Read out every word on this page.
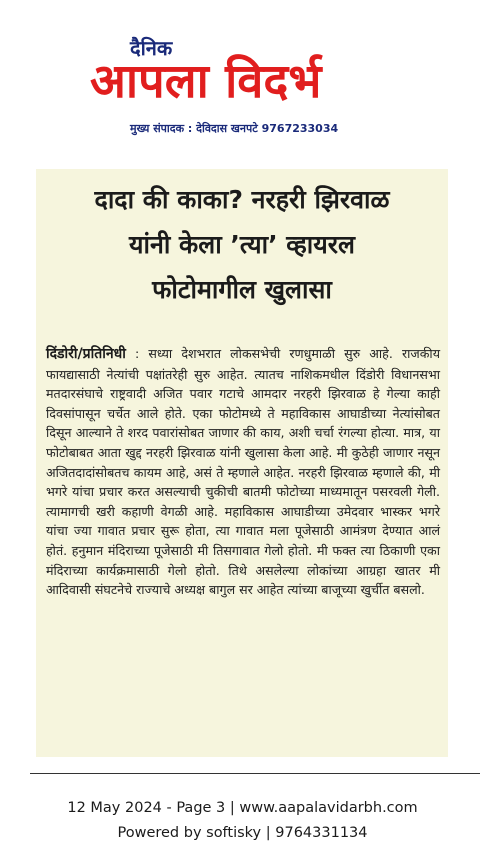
दैनिक
आपला विदर्भ
मुख्य संपादक : देविदास खनपटे 9767233034
दादा की काका? नरहरी झिरवाळ
यांनी केला ’त्या’ व्हायरल
फोटोमागील खुलासा
दिंडोरी/प्रतिनिधी : सध्या देशभरात लोकसभेची रणधुमाळी सुरु आहे. राजकीय फायद्यासाठी नेत्यांची पक्षांतरेही सुरु आहेत. त्यातच नाशिकमधील दिंडोरी विधानसभा मतदारसंघाचे राष्ट्रवादी अजित पवार गटाचे आमदार नरहरी झिरवाळ हे गेल्या काही दिवसांपासून चर्चेत आले होते. एका फोटोमध्ये ते महाविकास आघाडीच्या नेत्यांसोबत दिसून आल्याने ते शरद पवारांसोबत जाणार की काय, अशी चर्चा रंगल्या होत्या. मात्र, या फोटोबाबत आता खुद्द नरहरी झिरवाळ यांनी खुलासा केला आहे. मी कुठेही जाणार नसून अजितदादांसोबतच कायम आहे, असं ते म्हणाले आहेत. नरहरी झिरवाळ म्हणाले की, मी भगरे यांचा प्रचार करत असल्याची चुकीची बातमी फोटोच्या माध्यमातून पसरवली गेली. त्यामागची खरी कहाणी वेगळी आहे. महाविकास आघाडीच्या उमेदवार भास्कर भगरे यांचा ज्या गावात प्रचार सुरू होता, त्या गावात मला पूजेसाठी आमंत्रण देण्यात आलं होतं. हनुमान मंदिराच्या पूजेसाठी मी तिसगावात गेलो होतो. मी फक्त त्या ठिकाणी एका मंदिराच्या कार्यक्रमासाठी गेलो होतो. तिथे असलेल्या लोकांच्या आग्रहा खातर मी आदिवासी संघटनेचे राज्याचे अध्यक्ष बागुल सर आहेत त्यांच्या बाजूच्या खुर्चीत बसलो.
12 May 2024 - Page 3 | www.aapalavidarbh.com
Powered by softisky | 9764331134
